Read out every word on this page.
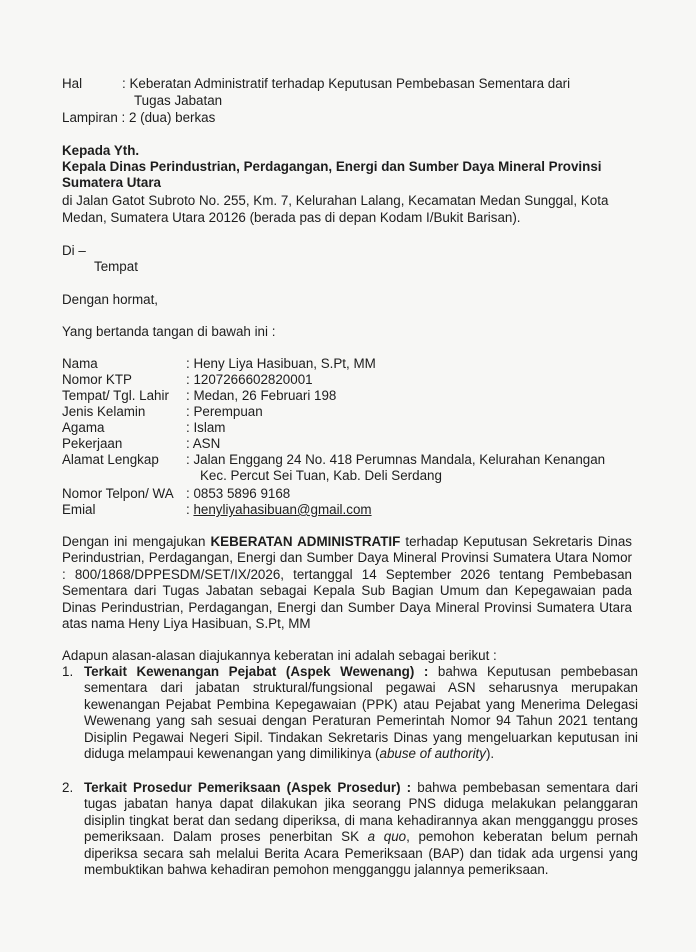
Hal	: Keberatan Administratif terhadap Keputusan Pembebasan Sementara dari
Tugas Jabatan
Lampiran : 2 (dua) berkas
Kepada Yth.
Kepala Dinas Perindustrian, Perdagangan, Energi dan Sumber Daya Mineral Provinsi
Sumatera Utara
di Jalan Gatot Subroto No. 255, Km. 7, Kelurahan Lalang, Kecamatan Medan Sunggal, Kota
Medan, Sumatera Utara 20126 (berada pas di depan Kodam I/Bukit Barisan).
Di –
Tempat
Dengan hormat,
Yang bertanda tangan di bawah ini :
Nama	: Heny Liya Hasibuan, S.Pt, MM
Nomor KTP	: 1207266602820001
Tempat/ Tgl. Lahir : Medan, 26 Februari 198
Jenis Kelamin	: Perempuan
Agama	: Islam
Pekerjaan	: ASN
Alamat Lengkap : Jalan Enggang 24 No. 418 Perumnas Mandala, Kelurahan Kenangan
Kec. Percut Sei Tuan, Kab. Deli Serdang
Nomor Telpon/ WA : 0853 5896 9168
Emial	: henyliyahasibuan@gmail.com
Dengan ini mengajukan KEBERATAN ADMINISTRATIF terhadap Keputusan Sekretaris Dinas Perindustrian, Perdagangan, Energi dan Sumber Daya Mineral Provinsi Sumatera Utara Nomor : 800/1868/DPPESDM/SET/IX/2026, tertanggal 14 September 2026 tentang Pembebasan Sementara dari Tugas Jabatan sebagai Kepala Sub Bagian Umum dan Kepegawaian pada Dinas Perindustrian, Perdagangan, Energi dan Sumber Daya Mineral Provinsi Sumatera Utara atas nama Heny Liya Hasibuan, S.Pt, MM
Adapun alasan-alasan diajukannya keberatan ini adalah sebagai berikut :
1. Terkait Kewenangan Pejabat (Aspek Wewenang) : bahwa Keputusan pembebasan sementara dari jabatan struktural/fungsional pegawai ASN seharusnya merupakan kewenangan Pejabat Pembina Kepegawaian (PPK) atau Pejabat yang Menerima Delegasi Wewenang yang sah sesuai dengan Peraturan Pemerintah Nomor 94 Tahun 2021 tentang Disiplin Pegawai Negeri Sipil. Tindakan Sekretaris Dinas yang mengeluarkan keputusan ini diduga melampaui kewenangan yang dimilikinya (abuse of authority).
2. Terkait Prosedur Pemeriksaan (Aspek Prosedur) : bahwa pembebasan sementara dari tugas jabatan hanya dapat dilakukan jika seorang PNS diduga melakukan pelanggaran disiplin tingkat berat dan sedang diperiksa, di mana kehadirannya akan mengganggu proses pemeriksaan. Dalam proses penerbitan SK a quo, pemohon keberatan belum pernah diperiksa secara sah melalui Berita Acara Pemeriksaan (BAP) dan tidak ada urgensi yang membuktikan bahwa kehadiran pemohon mengganggu jalannya pemeriksaan.
